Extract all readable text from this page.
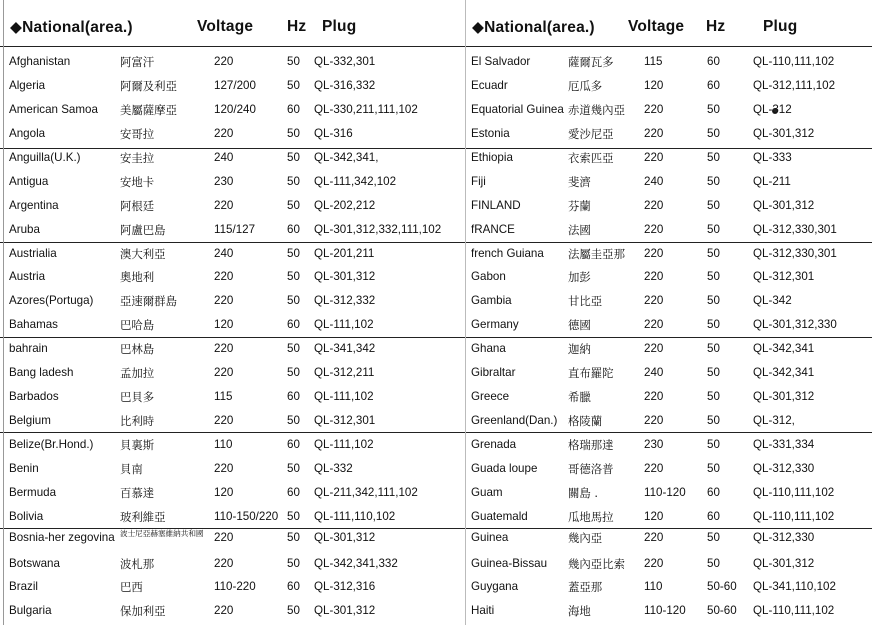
◆National(area.)	Voltage Hz Plug	◆National(area.) Voltage Hz Plug
Afghanistan	阿富汗	220	50 QL-332,301
Algeria	阿爾及利亞	127/200	50 QL-316,332
American Samoa 美屬薩摩亞	120/240	60 QL-330,211,111,102
Angola	安哥拉	220	50 QL-316
Anguilla(U.K.)	安圭拉	240	50 QL-342,341,
Antigua	安地卡	230	50 QL-111,342,102
Argentina	阿根廷	220	50 QL-202,212
Aruba	阿盧巴島	115/127	60 QL-301,312,332,111,102
Austrialia	澳大利亞	240	50 QL-201,211
Austria	奧地利	220	50 QL-301,312
Azores(Portuga) 亞速爾群島	220	50 QL-312,332
Bahamas	巴哈島	120	60 QL-111,102
bahrain	巴林島	220	50 QL-341,342
Bang ladesh	孟加拉	220	50 QL-312,211
Barbados	巴貝多	115	60 QL-111,102
Belgium	比利時	220	50 QL-312,301
Belize(Br.Hond.) 貝裏斯	110	60 QL-111,102
Benin	貝南	220	50 QL-332
Bermuda	百慕達	120	60 QL-211,342,111,102
Bolivia	玻利維亞	110-150/220 50 QL-111,110,102
Bosnia-her zegovina 波士尼亞赫塞維納共和國 220	50 QL-301,312
Botswana	波札那	220	50 QL-342,341,332
Brazil	巴西	110-220	60 QL-312,316
Bulgaria	保加利亞	220	50 QL-301,312
El Salvador	薩爾瓦多	115	60	QL-110,111,102
Ecuadr	厄瓜多	120	60	QL-312,111,102
Equatorial Guinea 赤道幾內亞 220	50	QL-312
Estonia	愛沙尼亞	220	50	QL-301,312
Ethiopia	衣索匹亞	220	50	QL-333
Fiji	斐濟	240	50	QL-211
FINLAND	芬蘭	220	50	QL-301,312
fRANCE	法國	220	50	QL-312,330,301
french Guiana 法屬圭亞那 220	50	QL-312,330,301
Gabon	加彭	220	50	QL-312,301
Gambia	甘比亞	220	50	QL-342
Germany	德國	220	50	QL-301,312,330
Ghana	迦納	220	50	QL-342,341
Gibraltar	直布羅陀	240	50	QL-342,341
Greece	希臘	220	50	QL-301,312
Greenland(Dan.) 格陵蘭	220	50	QL-312,
Grenada	格瑞那達	230	50	QL-331,334
Guada loupe	哥德洛普	220	50	QL-312,330
Guam	關島 .	110-120 60	QL-110,111,102
Guatemald	瓜地馬拉	120	60	QL-110,111,102
Guinea	幾內亞	220	50	QL-312,330
Guinea-Bissau 幾內亞比索 220	50	QL-301,312
Guygana	蓋亞那	110	50-60 QL-341,110,102
Haiti	海地	110-120 50-60 QL-110,111,102
